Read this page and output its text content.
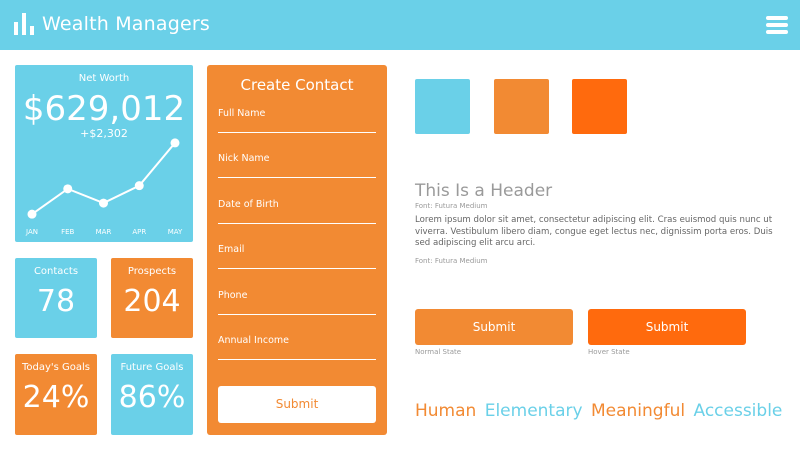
Wealth Managers
Net Worth
$629,012
+$2,302
JAN	FEB	MAR	APR	MAY
Contacts
78
Prospects
204
Today's Goals
24%
Future Goals
86%
Create Contact
Full Name
Nick Name
Date of Birth
Email
Phone
Annual Income
Submit
This Is a Header
Font: Futura Medium
Lorem ipsum dolor sit amet, consectetur adipiscing elit. Cras euismod quis nunc ut viverra. Vestibulum libero diam, congue eget lectus nec, dignissim porta eros. Duis sed adipiscing elit arcu arci.
Font: Futura Medium
Submit
Normal State
Submit
Hover State
Human Elementary Meaningful Accessible
